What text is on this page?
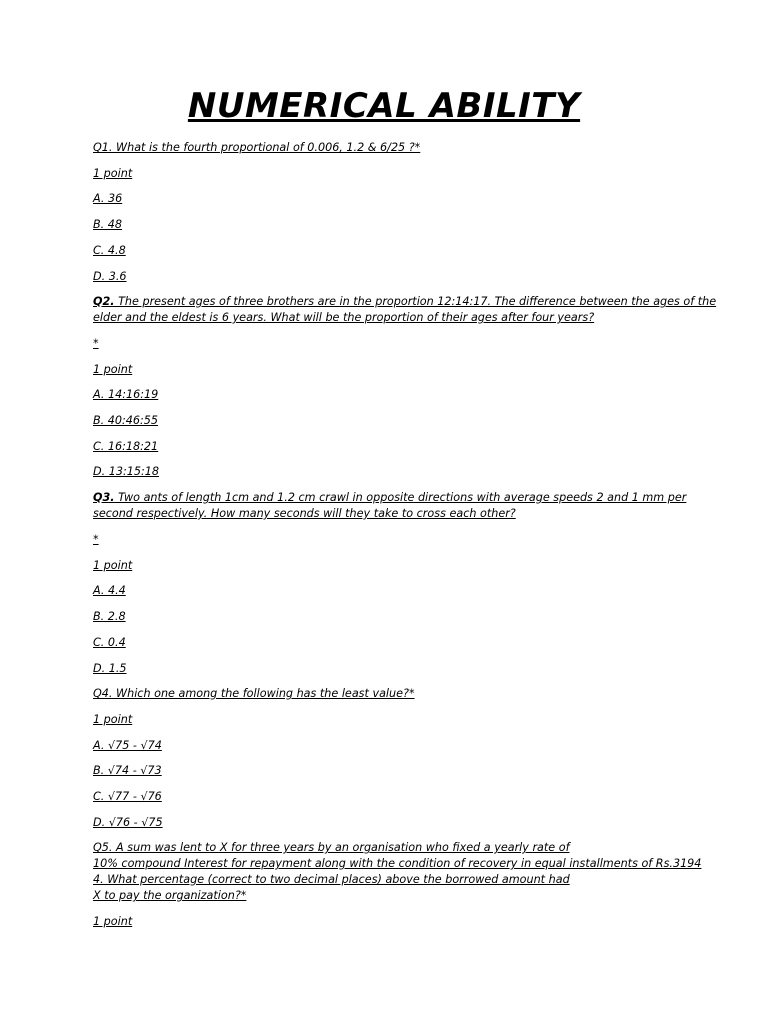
NUMERICAL ABILITY
Q1. What is the fourth proportional of 0.006, 1.2 & 6/25 ?*
1 point
A. 36
B. 48
C. 4.8
D. 3.6
Q2. The present ages of three brothers are in the proportion 12:14:17. The difference between the ages of the
elder and the eldest is 6 years. What will be the proportion of their ages after four years?
*
1 point
A. 14:16:19
B. 40:46:55
C. 16:18:21
D. 13:15:18
Q3. Two ants of length 1cm and 1.2 cm crawl in opposite directions with average speeds 2 and 1 mm per
second respectively. How many seconds will they take to cross each other?
*
1 point
A. 4.4
B. 2.8
C. 0.4
D. 1.5
Q4. Which one among the following has the least value?*
1 point
A. √75 - √74
B. √74 - √73
C. √77 - √76
D. √76 - √75
Q5. A sum was lent to X for three years by an organisation who fixed a yearly rate of
10% compound Interest for repayment along with the condition of recovery in equal installments of Rs.3194
4. What percentage (correct to two decimal places) above the borrowed amount had
X to pay the organization?*
1 point
